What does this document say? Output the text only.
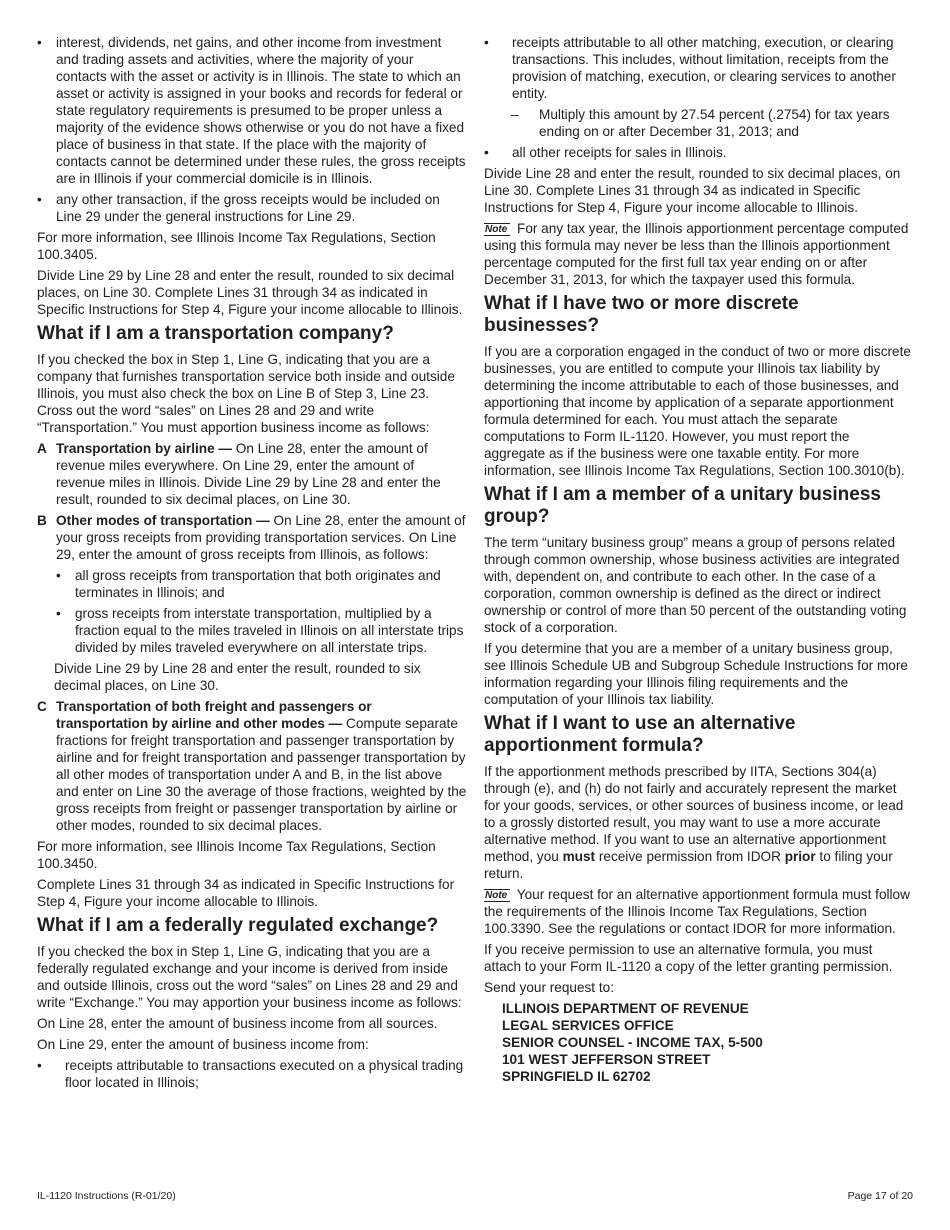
• interest, dividends, net gains, and other income from investment and trading assets and activities, where the majority of your contacts with the asset or activity is in Illinois. The state to which an asset or activity is assigned in your books and records for federal or state regulatory requirements is presumed to be proper unless a majority of the evidence shows otherwise or you do not have a fixed place of business in that state. If the place with the majority of contacts cannot be determined under these rules, the gross receipts are in Illinois if your commercial domicile is in Illinois.
• any other transaction, if the gross receipts would be included on Line 29 under the general instructions for Line 29.

For more information, see Illinois Income Tax Regulations, Section 100.3405.

Divide Line 29 by Line 28 and enter the result, rounded to six decimal places, on Line 30. Complete Lines 31 through 34 as indicated in Specific Instructions for Step 4, Figure your income allocable to Illinois.

What if I am a transportation company?

If you checked the box in Step 1, Line G, indicating that you are a company that furnishes transportation service both inside and outside Illinois, you must also check the box on Line B of Step 3, Line 23. Cross out the word “sales” on Lines 28 and 29 and write “Transportation.” You must apportion business income as follows:

A Transportation by airline — On Line 28, enter the amount of revenue miles everywhere. On Line 29, enter the amount of revenue miles in Illinois. Divide Line 29 by Line 28 and enter the result, rounded to six decimal places, on Line 30.
B Other modes of transportation — On Line 28, enter the amount of your gross receipts from providing transportation services. On Line 29, enter the amount of gross receipts from Illinois, as follows:
• all gross receipts from transportation that both originates and terminates in Illinois; and
• gross receipts from interstate transportation, multiplied by a fraction equal to the miles traveled in Illinois on all interstate trips divided by miles traveled everywhere on all interstate trips.

Divide Line 29 by Line 28 and enter the result, rounded to six decimal places, on Line 30.

C Transportation of both freight and passengers or transportation by airline and other modes — Compute separate fractions for freight transportation and passenger transportation by airline and for freight transportation and passenger transportation by all other modes of transportation under A and B, in the list above and enter on Line 30 the average of those fractions, weighted by the gross receipts from freight or passenger transportation by airline or other modes, rounded to six decimal places.

For more information, see Illinois Income Tax Regulations, Section 100.3450.

Complete Lines 31 through 34 as indicated in Specific Instructions for Step 4, Figure your income allocable to Illinois.

What if I am a federally regulated exchange?

If you checked the box in Step 1, Line G, indicating that you are a federally regulated exchange and your income is derived from inside and outside Illinois, cross out the word “sales” on Lines 28 and 29 and write “Exchange.” You may apportion your business income as follows:

On Line 28, enter the amount of business income from all sources.

On Line 29, enter the amount of business income from:

• receipts attributable to transactions executed on a physical trading floor located in Illinois;
• receipts attributable to all other matching, execution, or clearing transactions. This includes, without limitation, receipts from the provision of matching, execution, or clearing services to another entity.
– Multiply this amount by 27.54 percent (.2754) for tax years ending on or after December 31, 2013; and
• all other receipts for sales in Illinois.

Divide Line 28 and enter the result, rounded to six decimal places, on Line 30. Complete Lines 31 through 34 as indicated in Specific Instructions for Step 4, Figure your income allocable to Illinois.

Note For any tax year, the Illinois apportionment percentage computed using this formula may never be less than the Illinois apportionment percentage computed for the first full tax year ending on or after December 31, 2013, for which the taxpayer used this formula.

What if I have two or more discrete businesses?

If you are a corporation engaged in the conduct of two or more discrete businesses, you are entitled to compute your Illinois tax liability by determining the income attributable to each of those businesses, and apportioning that income by application of a separate apportionment formula determined for each. You must attach the separate computations to Form IL-1120. However, you must report the aggregate as if the business were one taxable entity. For more information, see Illinois Income Tax Regulations, Section 100.3010(b).

What if I am a member of a unitary business group?

The term “unitary business group” means a group of persons related through common ownership, whose business activities are integrated with, dependent on, and contribute to each other. In the case of a corporation, common ownership is defined as the direct or indirect ownership or control of more than 50 percent of the outstanding voting stock of a corporation.

If you determine that you are a member of a unitary business group, see Illinois Schedule UB and Subgroup Schedule Instructions for more information regarding your Illinois filing requirements and the computation of your Illinois tax liability.

What if I want to use an alternative apportionment formula?

If the apportionment methods prescribed by IITA, Sections 304(a) through (e), and (h) do not fairly and accurately represent the market for your goods, services, or other sources of business income, or lead to a grossly distorted result, you may want to use a more accurate alternative method. If you want to use an alternative apportionment method, you must receive permission from IDOR prior to filing your return.

Note Your request for an alternative apportionment formula must follow the requirements of the Illinois Income Tax Regulations, Section 100.3390. See the regulations or contact IDOR for more information.

If you receive permission to use an alternative formula, you must attach to your Form IL-1120 a copy of the letter granting permission.

Send your request to:

ILLINOIS DEPARTMENT OF REVENUE
LEGAL SERVICES OFFICE
SENIOR COUNSEL - INCOME TAX, 5-500
101 WEST JEFFERSON STREET
SPRINGFIELD IL 62702
IL-1120 Instructions (R-01/20)	Page 17 of 20
